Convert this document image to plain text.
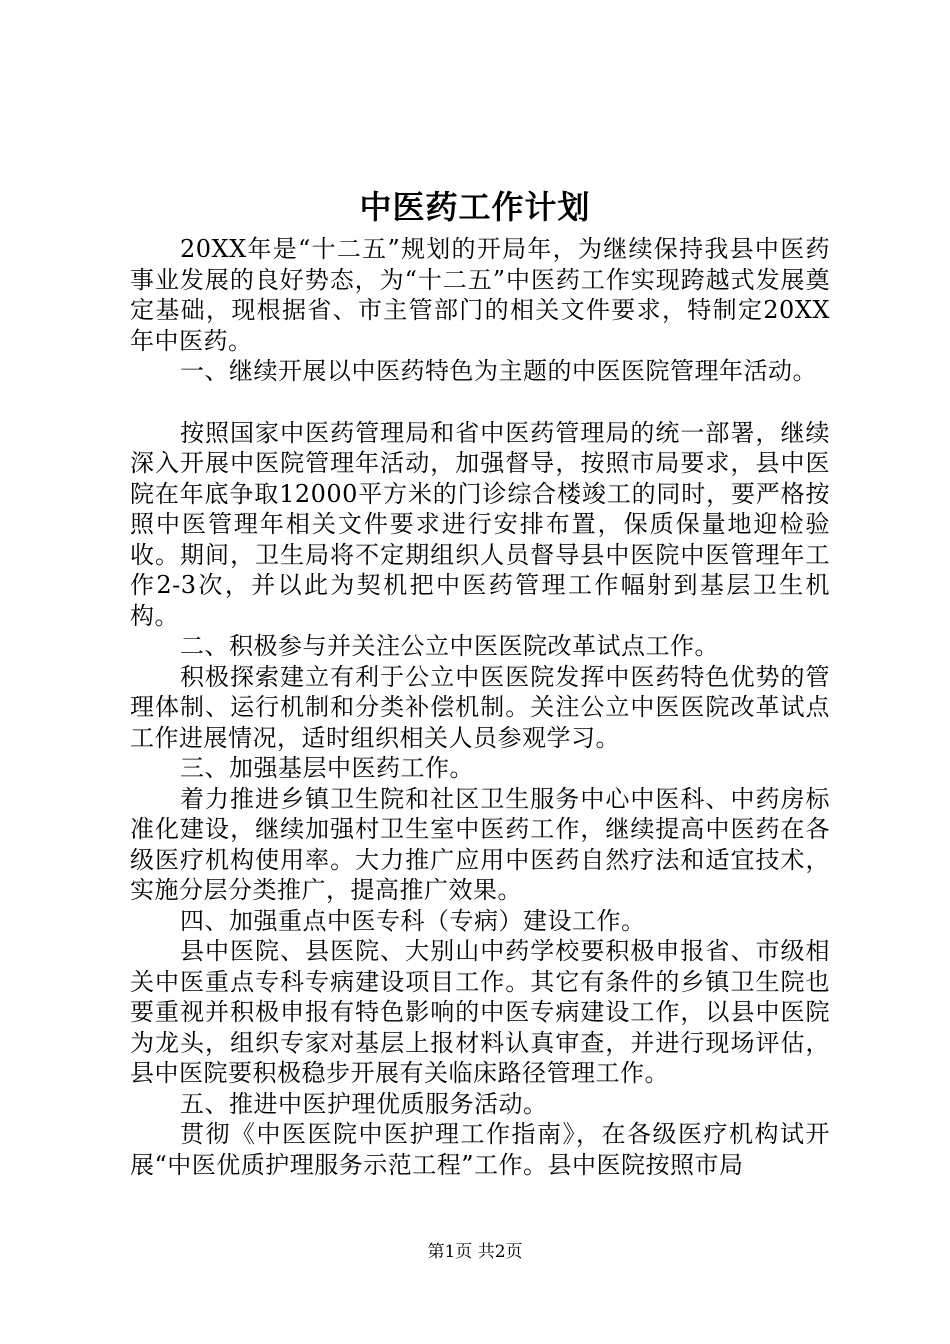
中医药工作计划

20XX年是“十二五”规划的开局年，为继续保持我县中医药事业发展的良好势态，为“十二五”中医药工作实现跨越式发展奠定基础，现根据省、市主管部门的相关文件要求，特制定20XX年中医药。

一、继续开展以中医药特色为主题的中医医院管理年活动。

按照国家中医药管理局和省中医药管理局的统一部署，继续深入开展中医院管理年活动，加强督导，按照市局要求，县中医院在年底争取12000平方米的门诊综合楼竣工的同时，要严格按照中医管理年相关文件要求进行安排布置，保质保量地迎检验收。期间，卫生局将不定期组织人员督导县中医院中医管理年工作2-3次，并以此为契机把中医药管理工作幅射到基层卫生机构。

二、积极参与并关注公立中医医院改革试点工作。

积极探索建立有利于公立中医医院发挥中医药特色优势的管理体制、运行机制和分类补偿机制。关注公立中医医院改革试点工作进展情况，适时组织相关人员参观学习。

三、加强基层中医药工作。

着力推进乡镇卫生院和社区卫生服务中心中医科、中药房标准化建设，继续加强村卫生室中医药工作，继续提高中医药在各级医疗机构使用率。大力推广应用中医药自然疗法和适宜技术，实施分层分类推广，提高推广效果。

四、加强重点中医专科（专病）建设工作。

县中医院、县医院、大别山中药学校要积极申报省、市级相关中医重点专科专病建设项目工作。其它有条件的乡镇卫生院也要重视并积极申报有特色影响的中医专病建设工作，以县中医院为龙头，组织专家对基层上报材料认真审查，并进行现场评估，县中医院要积极稳步开展有关临床路径管理工作。

五、推进中医护理优质服务活动。

贯彻《中医医院中医护理工作指南》，在各级医疗机构试开展“中医优质护理服务示范工程”工作。县中医院按照市局

第1页 共2页
